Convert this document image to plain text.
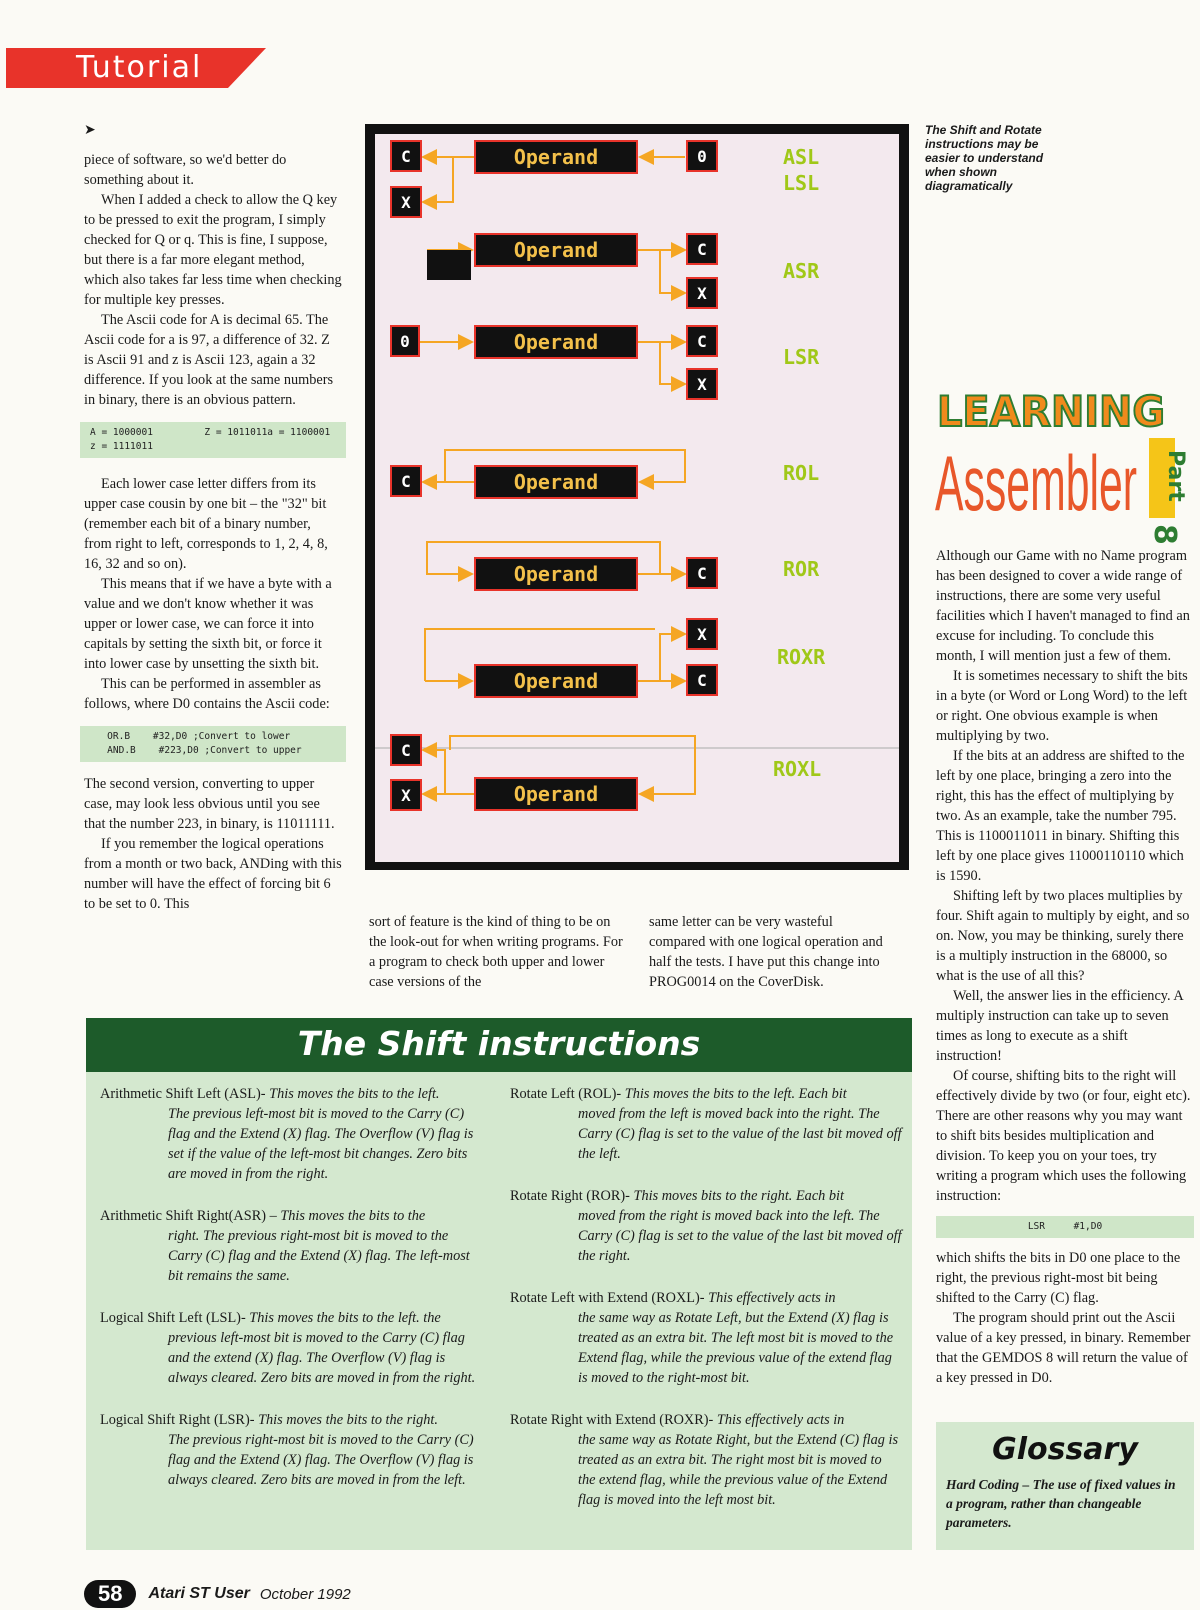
Tutorial
➤

piece of software, so we'd better do something about it.

When I added a check to allow the Q key to be pressed to exit the program, I simply checked for Q or q. This is fine, I suppose, but there is a far more elegant method, which also takes far less time when checking for multiple key presses.

The Ascii code for A is decimal 65. The Ascii code for a is 97, a difference of 32. Z is Ascii 91 and z is Ascii 123, again a 32 difference. If you look at the same numbers in binary, there is an obvious pattern.

A = 1000001         Z = 1011011a = 1100001
z = 1111011

Each lower case letter differs from its upper case cousin by one bit – the "32" bit (remember each bit of a binary number, from right to left, corresponds to 1, 2, 4, 8, 16, 32 and so on).

This means that if we have a byte with a value and we don't know whether it was upper or lower case, we can force it into capitals by setting the sixth bit, or force it into lower case by unsetting the sixth bit.

This can be performed in assembler as follows, where D0 contains the Ascii code:

OR.B    #32,D0 ;Convert to lower
AND.B    #223,D0 ;Convert to upper

The second version, converting to upper case, may look less obvious until you see that the number 223, in binary, is 11011111.

If you remember the logical operations from a month or two back, ANDing with this number will have the effect of forcing bit 6 to be set to 0. This

Operand
Operand
Operand
Operand
Operand
Operand
Operand
C
X
0
C
X
0	C
X
C
C
X
C
C
X
ASL
LSL
ASR
LSR
ROL
ROR
ROXR
ROXL
The Shift and Rotate instructions may be easier to understand when shown diagramatically
LEARNING
Assembler Part
8

Although our Game with no Name program has been designed to cover a wide range of instructions, there are some very useful facilities which I haven't managed to find an excuse for including. To conclude this month, I will mention just a few of them.

It is sometimes necessary to shift the bits in a byte (or Word or Long Word) to the left or right. One obvious example is when multiplying by two.

If the bits at an address are shifted to the left by one place, bringing a zero into the right, this has the effect of multiplying by two. As an example, take the number 795. This is 1100011011 in binary. Shifting this left by one place gives 11000110110 which is 1590.

Shifting left by two places multiplies by four. Shift again to multiply by eight, and so on. Now, you may be thinking, surely there is a multiply instruction in the 68000, so what is the use of all this?

Well, the answer lies in the efficiency. A multiply instruction can take up to seven times as long to execute as a shift instruction!

Of course, shifting bits to the right will effectively divide by two (or four, eight etc). There are other reasons why you may want to shift bits besides multiplication and division. To keep you on your toes, try writing a program which uses the following instruction:

LSR     #1,D0

which shifts the bits in D0 one place to the right, the previous right-most bit being shifted to the Carry (C) flag.

The program should print out the Ascii value of a key pressed, in binary. Remember that the GEMDOS 8 will return the value of a key pressed in D0.

sort of feature is the kind of thing to be on the look-out for when writing programs. For a program to check both upper and lower case versions of the

same letter can be very wasteful compared with one logical operation and half the tests. I have put this change into PROG0014 on the CoverDisk.

The Shift instructions
Arithmetic Shift Left (ASL)- This moves the bits to the left.
The previous left-most bit is moved to the Carry (C) flag and the Extend (X) flag. The Overflow (V) flag is set if the value of the left-most bit changes. Zero bits are moved in from the right.
Arithmetic Shift Right(ASR) – This moves the bits to the
right. The previous right-most bit is moved to the Carry (C) flag and the Extend (X) flag. The left-most bit remains the same.
Logical Shift Left (LSL)- This moves the bits to the left. the
previous left-most bit is moved to the Carry (C) flag and the extend (X) flag. The Overflow (V) flag is always cleared. Zero bits are moved in from the right.
Logical Shift Right (LSR)- This moves the bits to the right.
The previous right-most bit is moved to the Carry (C) flag and the Extend (X) flag. The Overflow (V) flag is always cleared. Zero bits are moved in from the left.
Rotate Left (ROL)- This moves the bits to the left. Each bit
moved from the left is moved back into the right. The Carry (C) flag is set to the value of the last bit moved off the left.
Rotate Right (ROR)- This moves bits to the right. Each bit
moved from the right is moved back into the left. The Carry (C) flag is set to the value of the last bit moved off the right.
Rotate Left with Extend (ROXL)- This effectively acts in
the same way as Rotate Left, but the Extend (X) flag is treated as an extra bit. The left most bit is moved to the Extend flag, while the previous value of the extend flag is moved to the right-most bit.
Rotate Right with Extend (ROXR)- This effectively acts in
the same way as Rotate Right, but the Extend (C) flag is treated as an extra bit. The right most bit is moved to the extend flag, while the previous value of the Extend flag is moved into the left most bit.
Glossary
Hard Coding – The use of fixed values in a program, rather than changeable parameters.
58 Atari ST User October 1992
